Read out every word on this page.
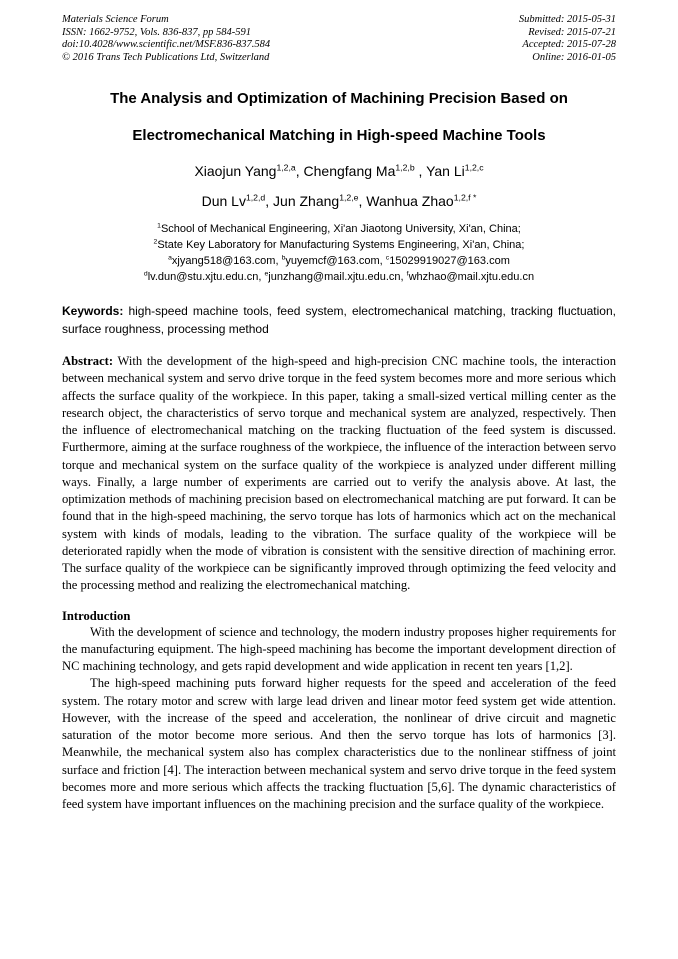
Materials Science Forum
ISSN: 1662-9752, Vols. 836-837, pp 584-591
doi:10.4028/www.scientific.net/MSF.836-837.584
© 2016 Trans Tech Publications Ltd, Switzerland
Submitted: 2015-05-31
Revised: 2015-07-21
Accepted: 2015-07-28
Online: 2016-01-05
The Analysis and Optimization of Machining Precision Based on
Electromechanical Matching in High-speed Machine Tools
Xiaojun Yang$^{1,2,a}$, Chengfang Ma$^{1,2,b}$ , Yan Li$^{1,2,c}$
Dun Lv$^{1,2,d}$, Jun Zhang$^{1,2,e}$, Wanhua Zhao$^{1,2,f *}$
$^1$School of Mechanical Engineering, Xi'an Jiaotong University, Xi'an, China;
$^2$State Key Laboratory for Manufacturing Systems Engineering, Xi'an, China;
$^a$xjyang518@163.com, $^b$yuyemcf@163.com, $^c$15029919027@163.com
$^d$lv.dun@stu.xjtu.edu.cn, $^e$junzhang@mail.xjtu.edu.cn, $^f$whzhao@mail.xjtu.edu.cn

Keywords: high-speed machine tools, feed system, electromechanical matching, tracking fluctuation, surface roughness, processing method

Abstract: With the development of the high-speed and high-precision CNC machine tools, the interaction between mechanical system and servo drive torque in the feed system becomes more and more serious which affects the surface quality of the workpiece. In this paper, taking a small-sized vertical milling center as the research object, the characteristics of servo torque and mechanical system are analyzed, respectively. Then the influence of electromechanical matching on the tracking fluctuation of the feed system is discussed. Furthermore, aiming at the surface roughness of the workpiece, the influence of the interaction between servo torque and mechanical system on the surface quality of the workpiece is analyzed under different milling ways. Finally, a large number of experiments are carried out to verify the analysis above. At last, the optimization methods of machining precision based on electromechanical matching are put forward. It can be found that in the high-speed machining, the servo torque has lots of harmonics which act on the mechanical system with kinds of modals, leading to the vibration. The surface quality of the workpiece will be deteriorated rapidly when the mode of vibration is consistent with the sensitive direction of machining error. The surface quality of the workpiece can be significantly improved through optimizing the feed velocity and the processing method and realizing the electromechanical matching.

Introduction

With the development of science and technology, the modern industry proposes higher requirements for the manufacturing equipment. The high-speed machining has become the important development direction of NC machining technology, and gets rapid development and wide application in recent ten years [1,2].

The high-speed machining puts forward higher requests for the speed and acceleration of the feed system. The rotary motor and screw with large lead driven and linear motor feed system get wide attention. However, with the increase of the speed and acceleration, the nonlinear of drive circuit and magnetic saturation of the motor become more serious. And then the servo torque has lots of harmonics [3]. Meanwhile, the mechanical system also has complex characteristics due to the nonlinear stiffness of joint surface and friction [4]. The interaction between mechanical system and servo drive torque in the feed system becomes more and more serious which affects the tracking fluctuation [5,6]. The dynamic characteristics of feed system have important influences on the machining precision and the surface quality of the workpiece.
